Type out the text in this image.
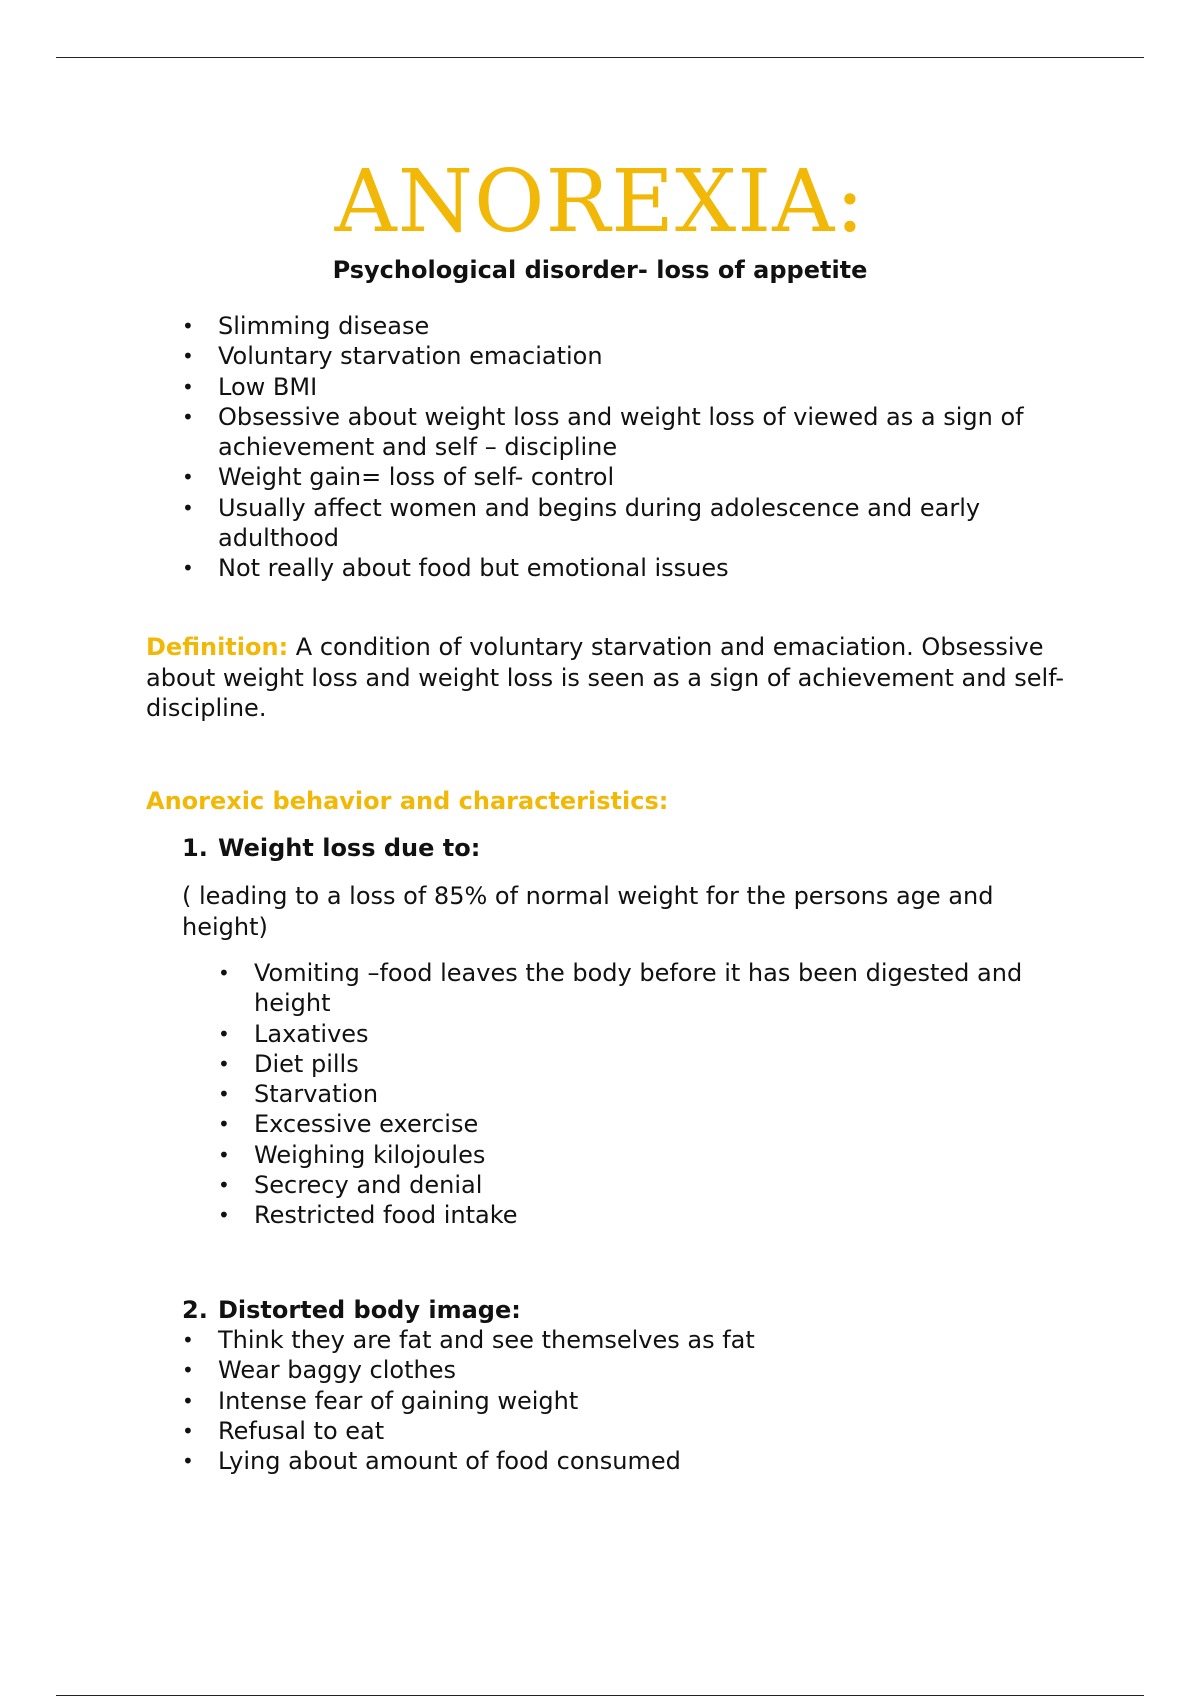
ANOREXIA:
Psychological disorder- loss of appetite
• Slimming disease
• Voluntary starvation emaciation
• Low BMI
• Obsessive about weight loss and weight loss of viewed as a sign of achievement and self – discipline
• Weight gain= loss of self- control
• Usually affect women and begins during adolescence and early adulthood
• Not really about food but emotional issues
Definition: A condition of voluntary starvation and emaciation. Obsessive about weight loss and weight loss is seen as a sign of achievement and self-discipline.
Anorexic behavior and characteristics:
1. Weight loss due to:
( leading to a loss of 85% of normal weight for the persons age and height)
• Vomiting –food leaves the body before it has been digested and height
• Laxatives
• Diet pills
• Starvation
• Excessive exercise
• Weighing kilojoules
• Secrecy and denial
• Restricted food intake
2. Distorted body image:
• Think they are fat and see themselves as fat
• Wear baggy clothes
• Intense fear of gaining weight
• Refusal to eat
• Lying about amount of food consumed
